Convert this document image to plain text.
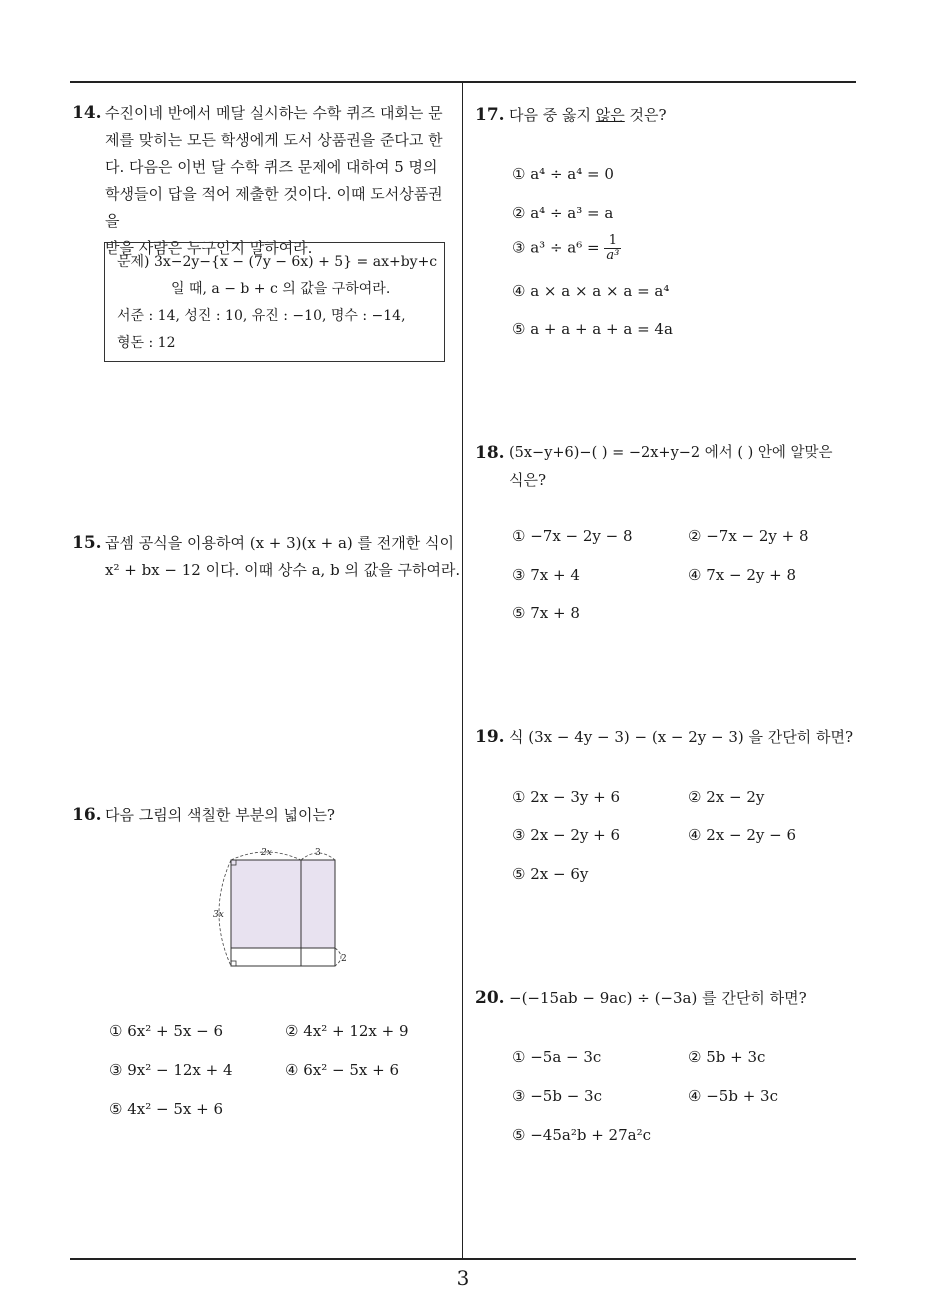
14. 수진이네 반에서 메달 실시하는 수학 퀴즈 대회는 문
제를 맞히는 모든 학생에게 도서 상품권을 준다고 한
다. 다음은 이번 달 수학 퀴즈 문제에 대하여 5 명의
학생들이 답을 적어 제출한 것이다. 이때 도서상품권을
받을 사람은 누구인지 말하여라.
문제) 3x−2y−{x − (7y − 6x) + 5} = ax+by+c
일 때, a − b + c 의 값을 구하여라.
서준 : 14, 성진 : 10, 유진 : −10, 명수 : −14,
형돈 : 12
15. 곱셈 공식을 이용하여 (x + 3)(x + a) 를 전개한 식이
x² + bx − 12 이다. 이때 상수 a, b 의 값을 구하여라.
16. 다음 그림의 색칠한 부분의 넓이는?
2x	3
3x
2
① 6x² + 5x − 6	② 4x² + 12x + 9
③ 9x² − 12x + 4	④ 6x² − 5x + 6
⑤ 4x² − 5x + 6
17. 다음 중 옳지 않은 것은?
① a⁴ ÷ a⁴ = 0
② a⁴ ÷ a³ = a
③ $a^3 \div a^6 = \frac{1}{\text{a³}}$
④ a × a × a × a = a⁴
⑤ a + a + a + a = 4a
18. (5x−y+6)−( ) = −2x+y−2 에서 ( ) 안에 알맞은
식은?
① −7x − 2y − 8	② −7x − 2y + 8
③ 7x + 4	④ 7x − 2y + 8
⑤ 7x + 8
19. 식 (3x − 4y − 3) − (x − 2y − 3) 을 간단히 하면?
① 2x − 3y + 6	② 2x − 2y
③ 2x − 2y + 6	④ 2x − 2y − 6
⑤ 2x − 6y
20. −(−15ab − 9ac) ÷ (−3a) 를 간단히 하면?
① −5a − 3c	② 5b + 3c
③ −5b − 3c	④ −5b + 3c
⑤ −45a²b + 27a²c
3
